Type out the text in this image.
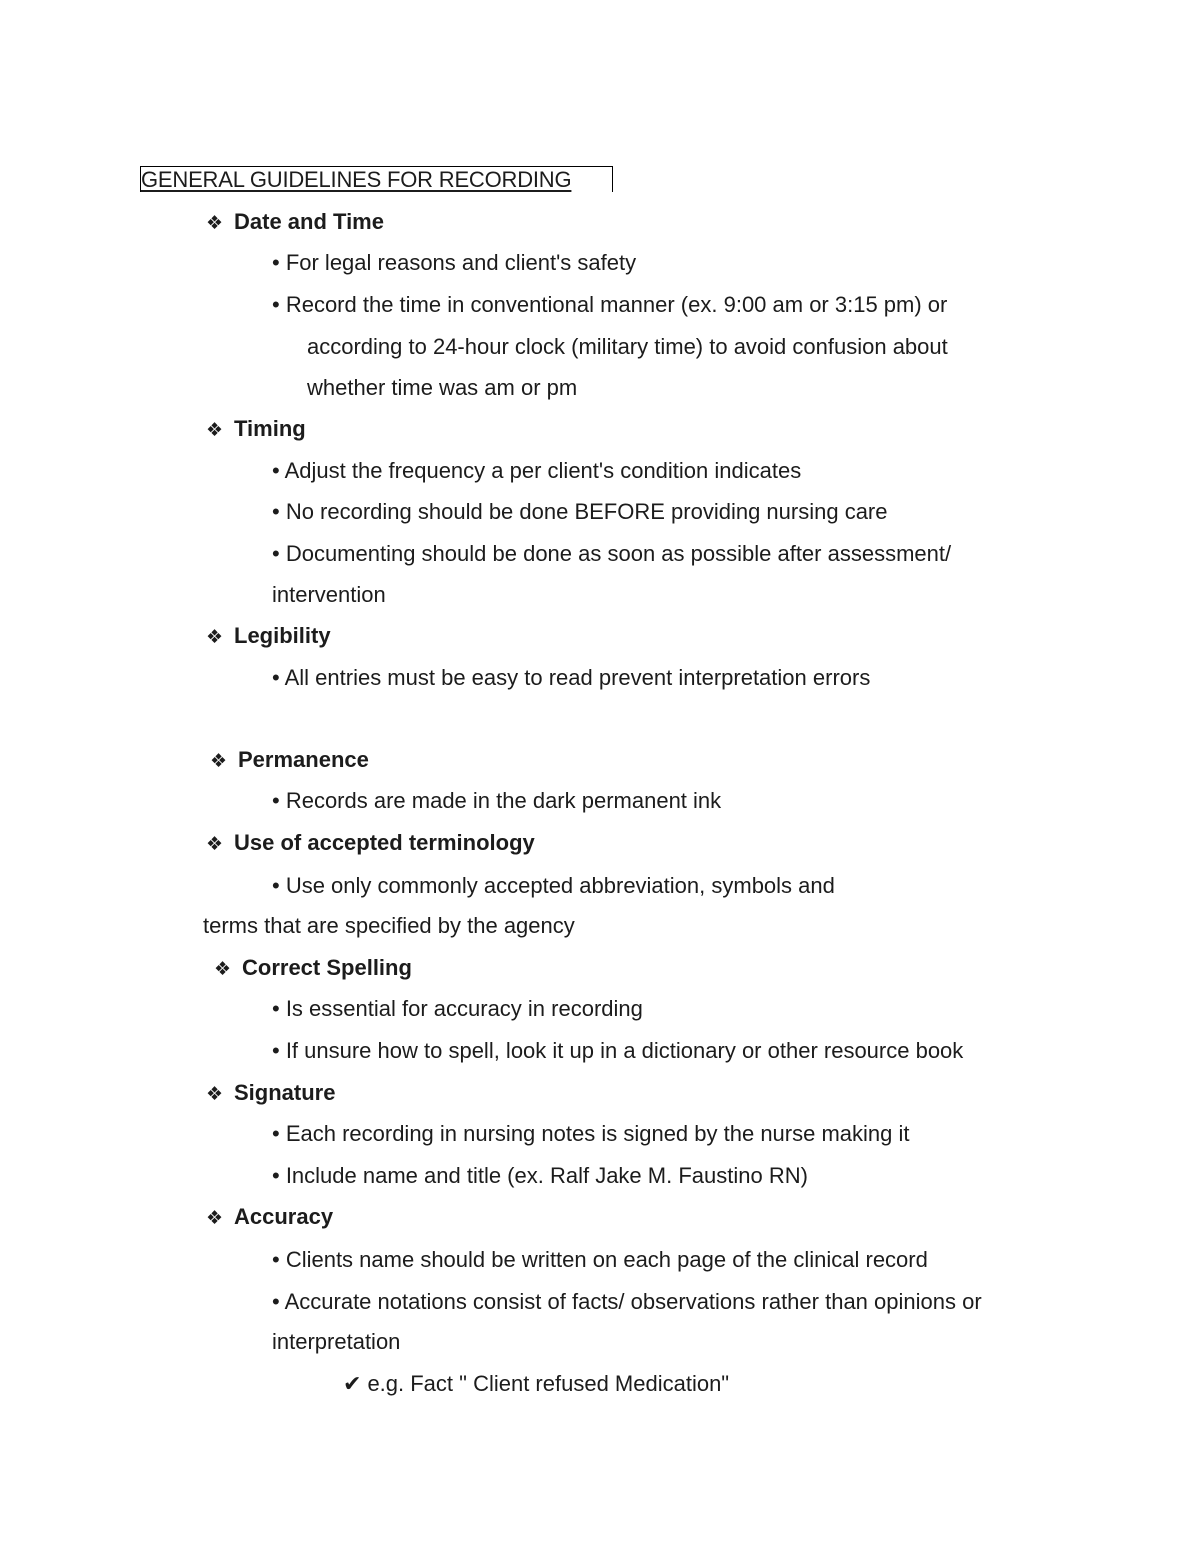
GENERAL GUIDELINES FOR RECORDING
❖ Date and Time
• For legal reasons and client's safety
• Record the time in conventional manner (ex. 9:00 am or 3:15 pm) or
according to 24-hour clock (military time) to avoid confusion about
whether time was am or pm
❖ Timing
• Adjust the frequency a per client's condition indicates
• No recording should be done BEFORE providing nursing care
• Documenting should be done as soon as possible after assessment/
intervention
❖ Legibility
• All entries must be easy to read prevent interpretation errors
❖ Permanence
• Records are made in the dark permanent ink
❖ Use of accepted terminology
• Use only commonly accepted abbreviation, symbols and
terms that are specified by the agency
❖ Correct Spelling
• Is essential for accuracy in recording
• If unsure how to spell, look it up in a dictionary or other resource book
❖ Signature
• Each recording in nursing notes is signed by the nurse making it
• Include name and title (ex. Ralf Jake M. Faustino RN)
❖ Accuracy
• Clients name should be written on each page of the clinical record
• Accurate notations consist of facts/ observations rather than opinions or
interpretation
✔ e.g. Fact " Client refused Medication"
